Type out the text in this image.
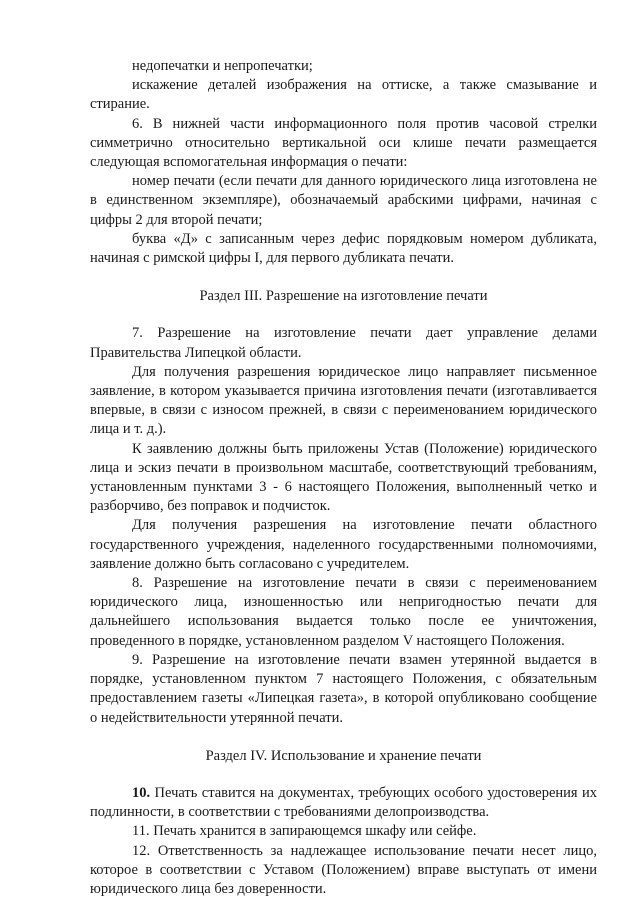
недопечатки и непропечатки;

искажение деталей изображения на оттиске, а также смазывание и стирание.

6. В нижней части информационного поля против часовой стрелки симметрично относительно вертикальной оси клише печати размещается следующая вспомогательная информация о печати:

номер печати (если печати для данного юридического лица изготовлена не в единственном экземпляре), обозначаемый арабскими цифрами, начиная с цифры 2 для второй печати;

буква «Д» с записанным через дефис порядковым номером дубликата, начиная с римской цифры I, для первого дубликата печати.

Раздел III. Разрешение на изготовление печати

7. Разрешение на изготовление печати дает управление делами Правительства Липецкой области.

Для получения разрешения юридическое лицо направляет письменное заявление, в котором указывается причина изготовления печати (изготавливается впервые, в связи с износом прежней, в связи с переименованием юридического лица и т. д.).

К заявлению должны быть приложены Устав (Положение) юридического лица и эскиз печати в произвольном масштабе, соответствующий требованиям, установленным пунктами 3 - 6 настоящего Положения, выполненный четко и разборчиво, без поправок и подчисток.

Для получения разрешения на изготовление печати областного государственного учреждения, наделенного государственными полномочиями, заявление должно быть согласовано с учредителем.

8. Разрешение на изготовление печати в связи с переименованием юридического лица, изношенностью или непригодностью печати для дальнейшего использования выдается только после ее уничтожения, проведенного в порядке, установленном разделом V настоящего Положения.

9. Разрешение на изготовление печати взамен утерянной выдается в порядке, установленном пунктом 7 настоящего Положения, с обязательным предоставлением газеты «Липецкая газета», в которой опубликовано сообщение о недействительности утерянной печати.

Раздел IV. Использование и хранение печати

10. Печать ставится на документах, требующих особого удостоверения их подлинности, в соответствии с требованиями делопроизводства.

11. Печать хранится в запирающемся шкафу или сейфе.

12. Ответственность за надлежащее использование печати несет лицо, которое в соответствии с Уставом (Положением) вправе выступать от имени юридического лица без доверенности.
